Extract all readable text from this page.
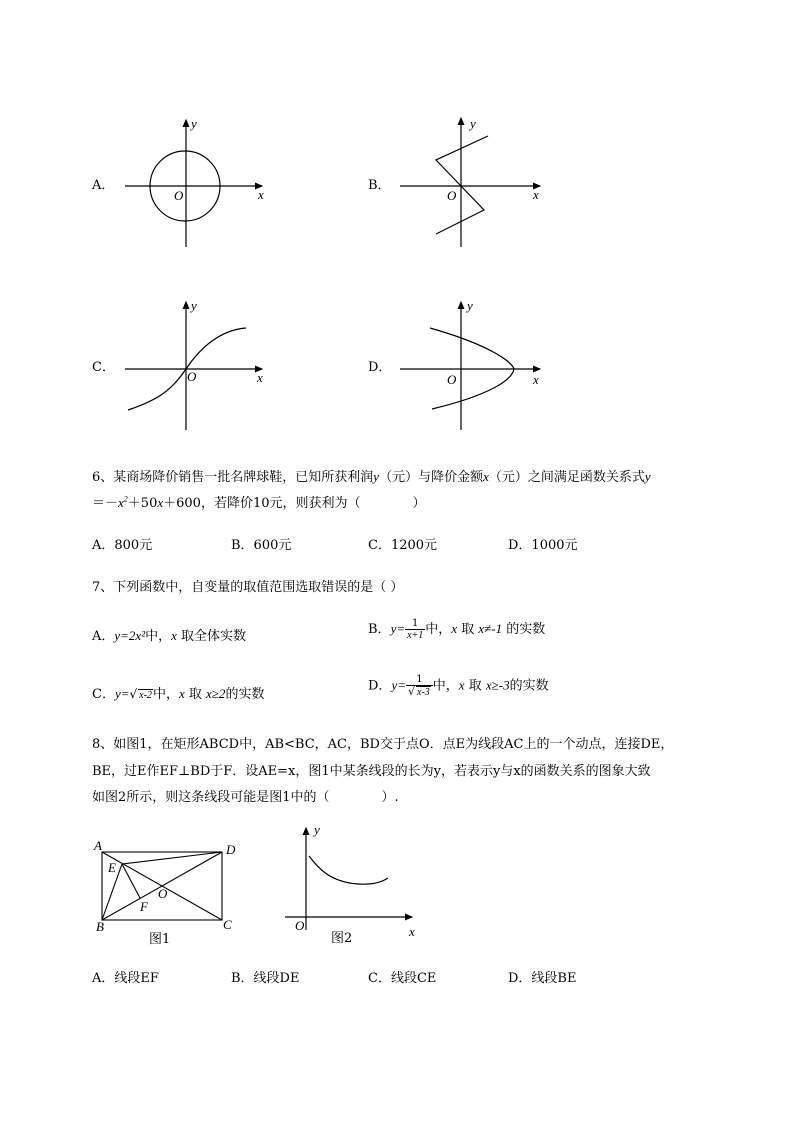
A．
y
x
O
B．
y
x
O
C．
y
x
O
D．
y
x
O
6、某商场降价销售一批名牌球鞋，已知所获利润y（元）与降价金额x（元）之间满足函数关系式y
$=-x^2+50x+600$，若降价10元，则获利为（　　　　）
A．800元	B．600元	C．1200元	D．1000元
7、下列函数中，自变量的取值范围选取错误的是（ ）
A．y=2x²中，x 取全体实数	B．$y= \frac{1}{x+1}$ 中，x 取 x≠-1 的实数
C．y=√ x-2中，x 取 x≥2的实数
D．$y= \frac{1}{√ x-3}$ 中，x 取 x≥-3的实数
8、如图1，在矩形ABCD中，AB<BC，AC，BD交于点O．点E为线段AC上的一个动点，连接DE，
BE，过E作EF⊥BD于F．设AE=x，图1中某条线段的长为y，若表示y与x的函数关系的图象大致
如图2所示，则这条线段可能是图1中的（　　　　）.
A	D
E
O
F
B	C
图1
y
x
O
图2
A．线段EF	B．线段DE	C．线段CE	D．线段BE
